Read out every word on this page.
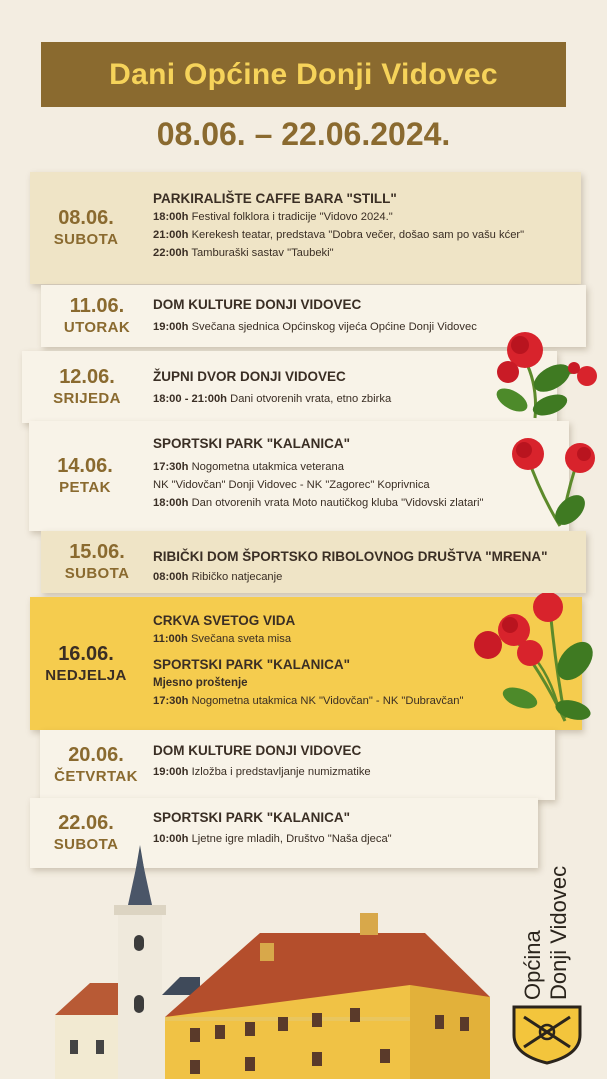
Dani Općine Donji Vidovec
08.06. – 22.06.2024.
08.06.
SUBOTA
PARKIRALIŠTE CAFFE BARA "STILL"
18:00h Festival folklora i tradicije "Vidovo 2024."
21:00h Kerekesh teatar, predstava "Dobra večer, došao sam po vašu kćer"
22:00h Tamburaški sastav "Taubeki"
11.06.
UTORAK
DOM KULTURE DONJI VIDOVEC
19:00h Svečana sjednica Općinskog vijeća Općine Donji Vidovec
12.06.
SRIJEDA
ŽUPNI DVOR DONJI VIDOVEC
18:00 - 21:00h Dani otvorenih vrata, etno zbirka
14.06.
PETAK
SPORTSKI PARK "KALANICA"
17:30h Nogometna utakmica veterana
NK "Vidovčan" Donji Vidovec - NK "Zagorec" Koprivnica
18:00h Dan otvorenih vrata Moto nautičkog kluba "Vidovski zlatari"
15.06.
SUBOTA
RIBIČKI DOM ŠPORTSKO RIBOLOVNOG DRUŠTVA "MRENA"
08:00h Ribičko natjecanje
16.06.
NEDJELJA
CRKVA SVETOG VIDA
11:00h Svečana sveta misa
SPORTSKI PARK "KALANICA"
Mjesno proštenje
17:30h Nogometna utakmica NK "Vidovčan" - NK "Dubravčan"
20.06.
ČETVRTAK
DOM KULTURE DONJI VIDOVEC
19:00h Izložba i predstavljanje numizmatike
22.06.
SUBOTA
SPORTSKI PARK "KALANICA"
10:00h Ljetne igre mladih, Društvo "Naša djeca"
Općina Donji Vidovec
